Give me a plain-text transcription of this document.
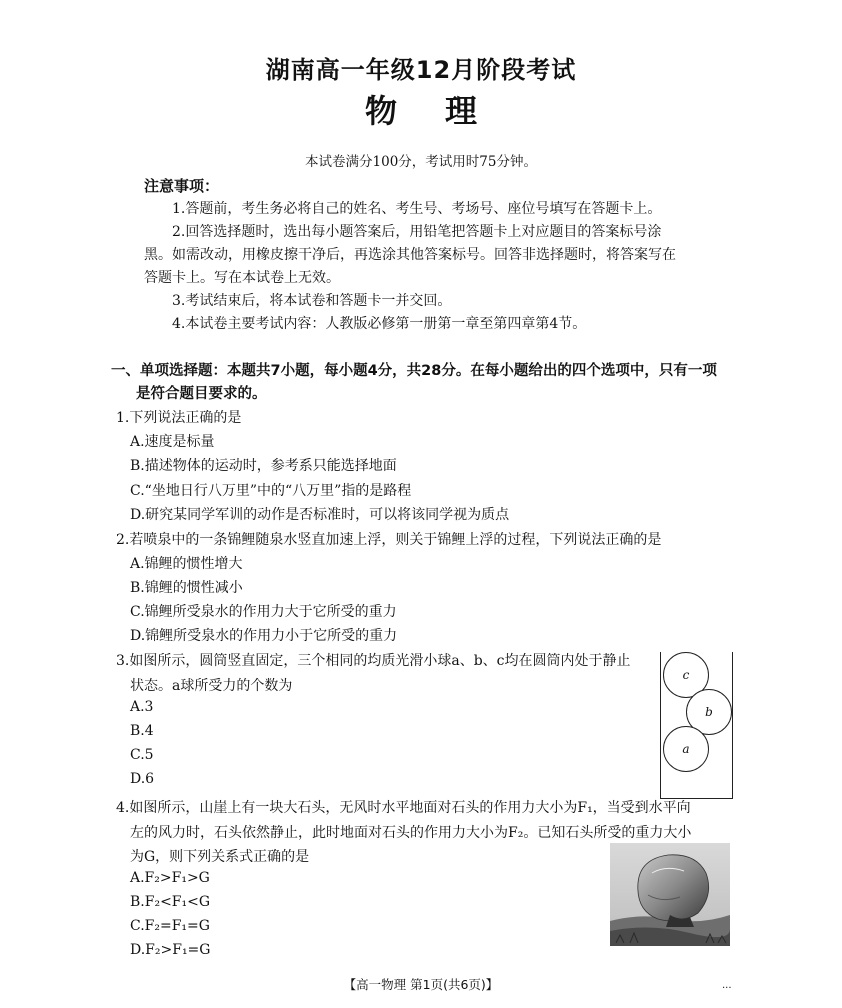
湖南高一年级12月阶段考试
物理
本试卷满分100分，考试用时75分钟。
注意事项：
1.答题前，考生务必将自己的姓名、考生号、考场号、座位号填写在答题卡上。
2.回答选择题时，选出每小题答案后，用铅笔把答题卡上对应题目的答案标号涂
黑。如需改动，用橡皮擦干净后，再选涂其他答案标号。回答非选择题时，将答案写在
答题卡上。写在本试卷上无效。
3.考试结束后，将本试卷和答题卡一并交回。
4.本试卷主要考试内容：人教版必修第一册第一章至第四章第4节。
一、单项选择题：本题共7小题，每小题4分，共28分。在每小题给出的四个选项中，只有一项
是符合题目要求的。
1.下列说法正确的是
A.速度是标量
B.描述物体的运动时，参考系只能选择地面
C.“坐地日行八万里”中的“八万里”指的是路程
D.研究某同学军训的动作是否标准时，可以将该同学视为质点
2.若喷泉中的一条锦鲤随泉水竖直加速上浮，则关于锦鲤上浮的过程，下列说法正确的是
A.锦鲤的惯性增大
B.锦鲤的惯性减小
C.锦鲤所受泉水的作用力大于它所受的重力
D.锦鲤所受泉水的作用力小于它所受的重力
3.如图所示，圆筒竖直固定，三个相同的均质光滑小球a、b、c均在圆筒内处于静止
状态。a球所受力的个数为
A.3
B.4
C.5
D.6
c
b
a
4.如图所示，山崖上有一块大石头，无风时水平地面对石头的作用力大小为F₁，当受到水平向
左的风力时，石头依然静止，此时地面对石头的作用力大小为F₂。已知石头所受的重力大小
为G，则下列关系式正确的是
A.F₂>F₁>G
B.F₂<F₁<G
C.F₂=F₁=G
D.F₂>F₁=G
【高一物理 第1页(共6页)】	...
